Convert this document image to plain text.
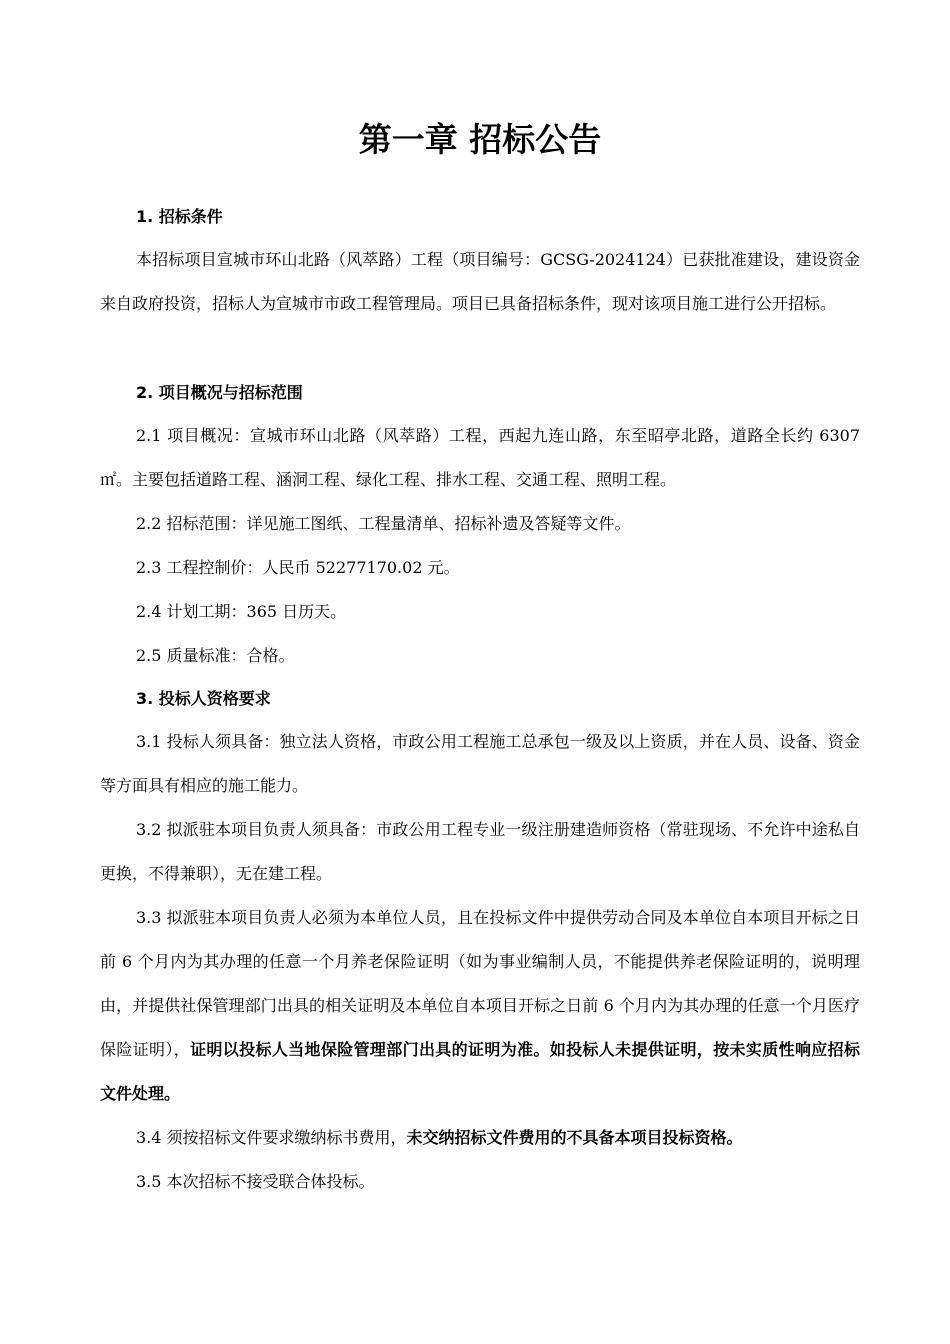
第一章 招标公告
1. 招标条件

本招标项目宣城市环山北路（风萃路）工程（项目编号：GCSG-2024124）已获批准建设，建设资金来自政府投资，招标人为宣城市市政工程管理局。项目已具备招标条件，现对该项目施工进行公开招标。

2. 项目概况与招标范围

2.1 项目概况：宣城市环山北路（风萃路）工程，西起九连山路，东至昭亭北路，道路全长约 6307㎡。主要包括道路工程、涵洞工程、绿化工程、排水工程、交通工程、照明工程。

2.2 招标范围：详见施工图纸、工程量清单、招标补遗及答疑等文件。

2.3 工程控制价：人民币 52277170.02 元。

2.4 计划工期：365 日历天。

2.5 质量标准：合格。

3. 投标人资格要求

3.1 投标人须具备：独立法人资格，市政公用工程施工总承包一级及以上资质，并在人员、设备、资金等方面具有相应的施工能力。

3.2 拟派驻本项目负责人须具备：市政公用工程专业一级注册建造师资格（常驻现场、不允许中途私自更换，不得兼职），无在建工程。

3.3 拟派驻本项目负责人必须为本单位人员，且在投标文件中提供劳动合同及本单位自本项目开标之日前 6 个月内为其办理的任意一个月养老保险证明（如为事业编制人员，不能提供养老保险证明的，说明理由，并提供社保管理部门出具的相关证明及本单位自本项目开标之日前 6 个月内为其办理的任意一个月医疗保险证明），证明以投标人当地保险管理部门出具的证明为准。如投标人未提供证明，按未实质性响应招标文件处理。

3.4 须按招标文件要求缴纳标书费用，未交纳招标文件费用的不具备本项目投标资格。

3.5 本次招标不接受联合体投标。
